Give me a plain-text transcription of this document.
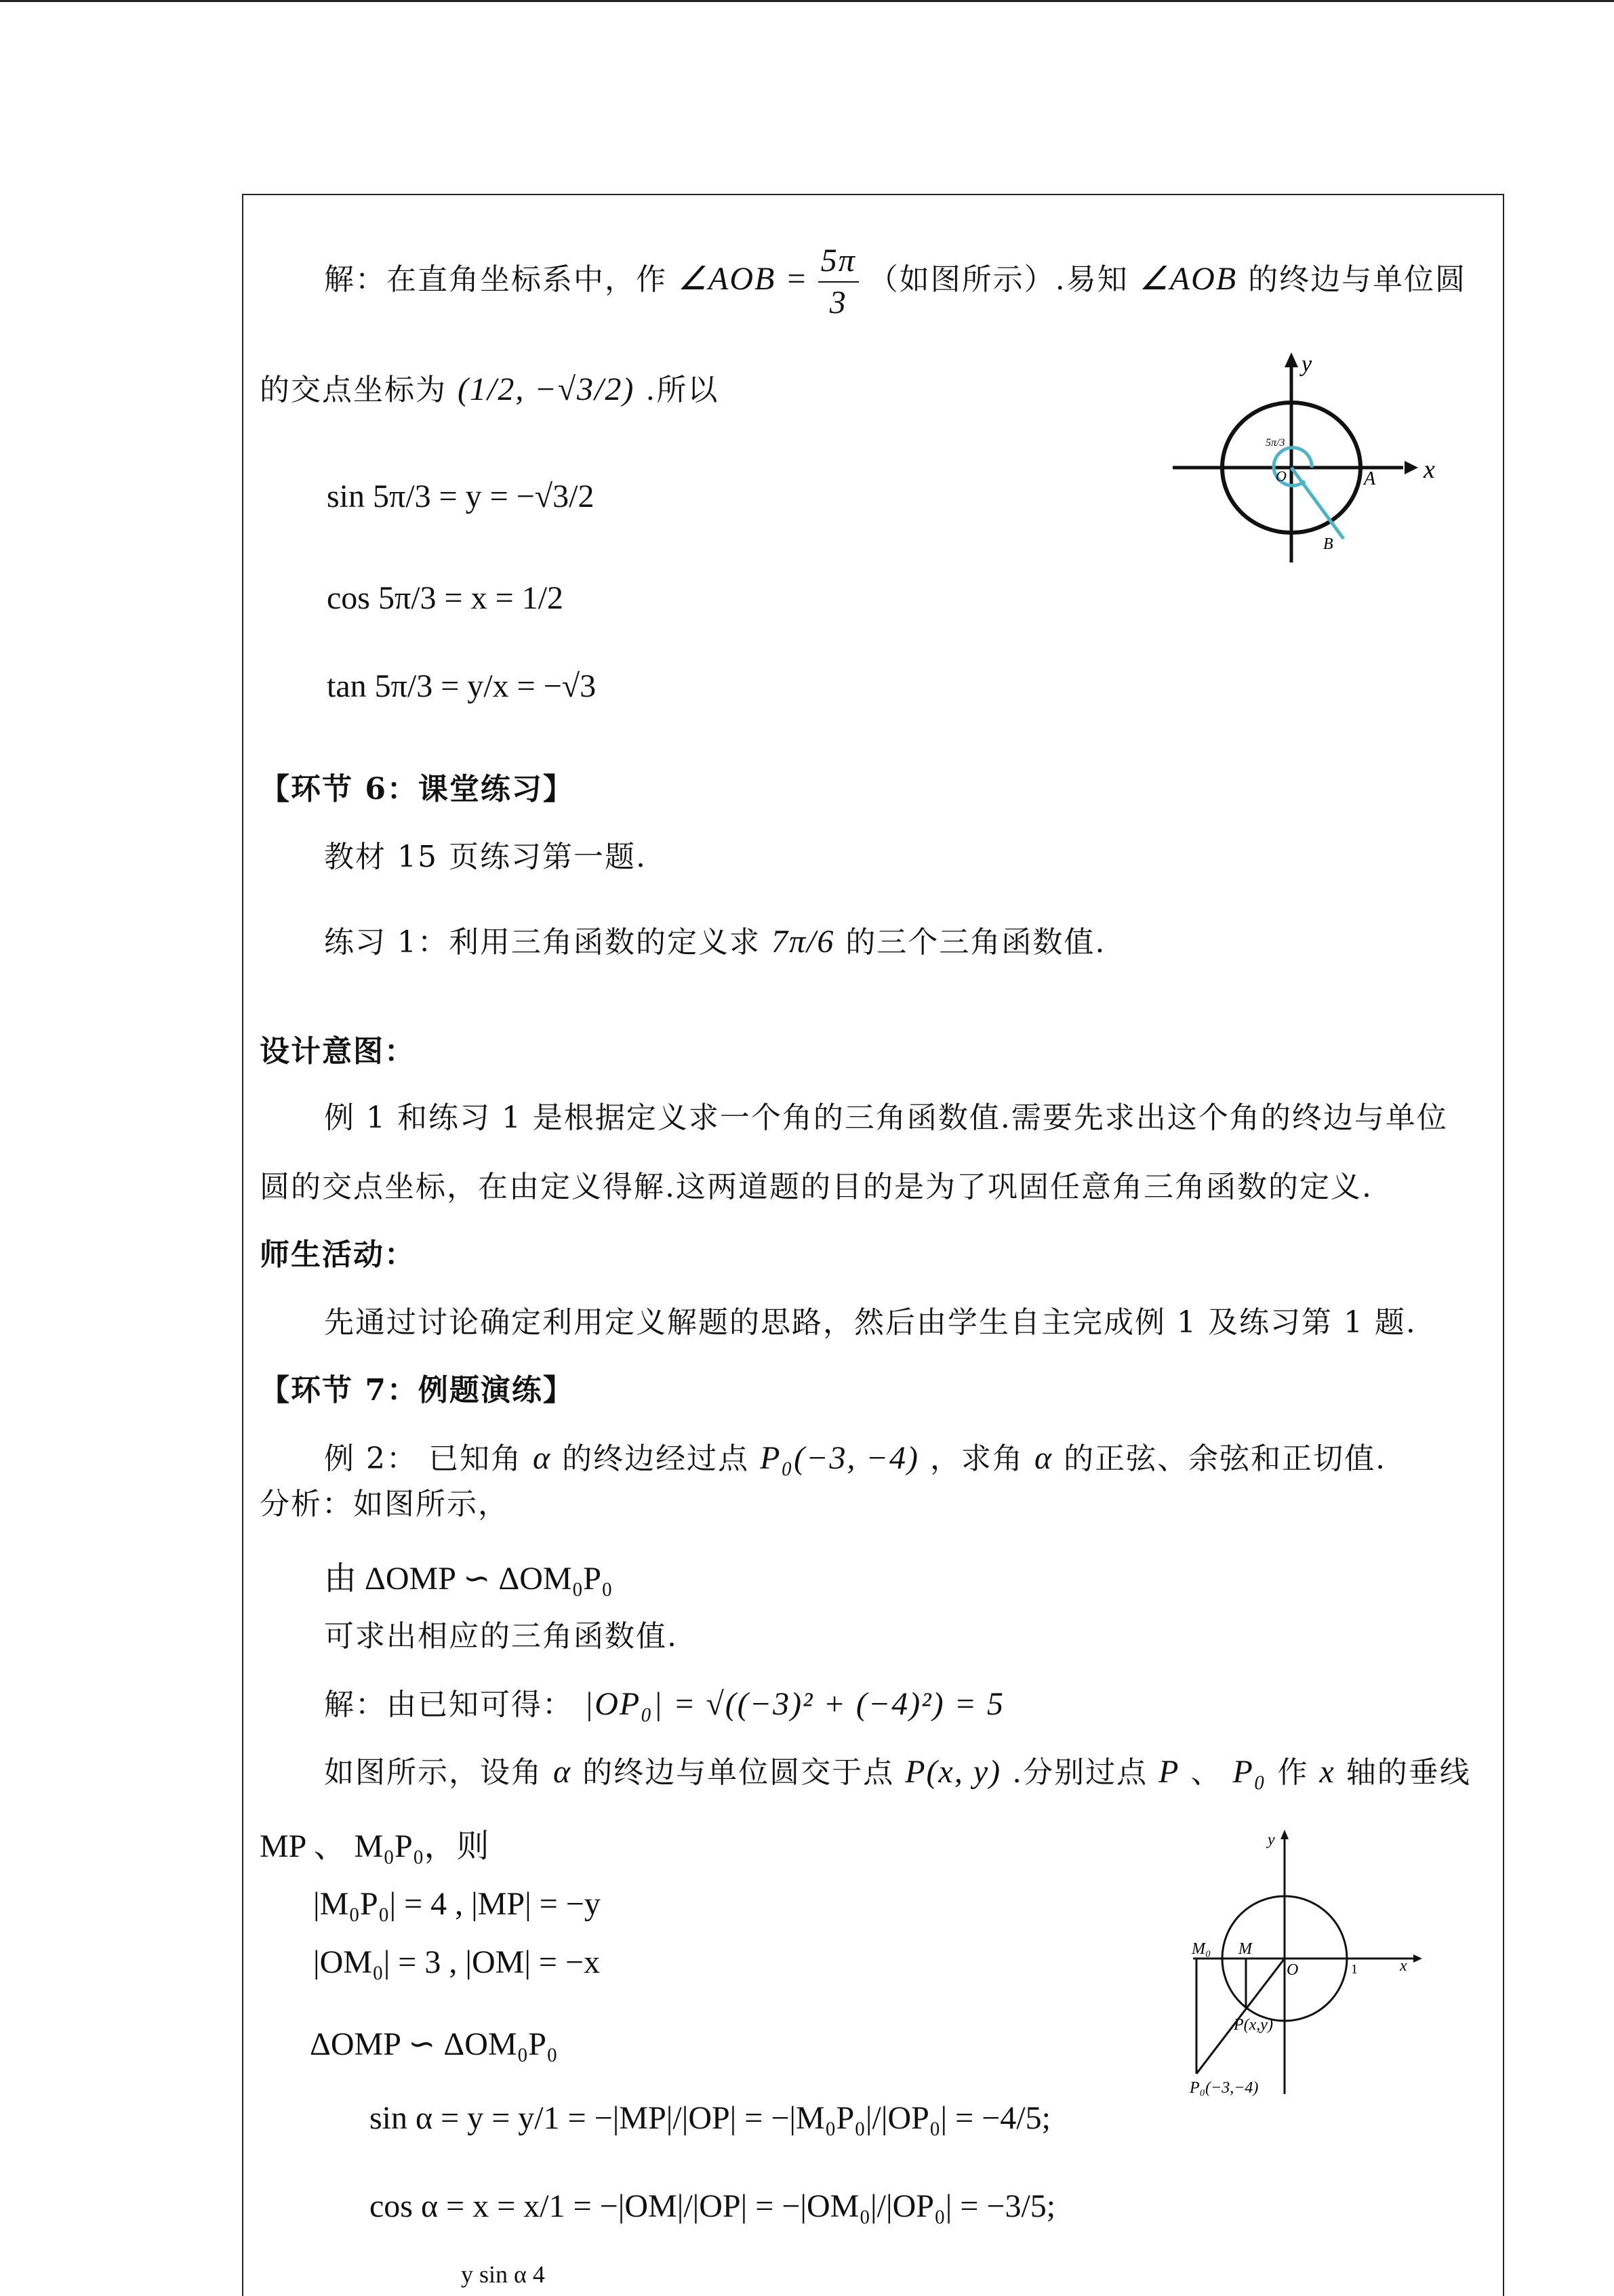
解：在直角坐标系中，作 ∠AOB = $\frac{5\pi}{3}$ （如图所示）.易知 ∠AOB 的终边与单位圆
的交点坐标为 (1/2, −√3/2) .所以
sin 5π/3 = y = −√3/2
cos 5π/3 = x = 1/2
tan 5π/3 = y/x = −√3
y
x
O	A
B
5π/3
【环节 6：课堂练习】
教材 15 页练习第一题.
练习 1：利用三角函数的定义求 7π/6 的三个三角函数值.
设计意图：
例 1 和练习 1 是根据定义求一个角的三角函数值.需要先求出这个角的终边与单位
圆的交点坐标，在由定义得解.这两道题的目的是为了巩固任意角三角函数的定义.
师生活动：
先通过讨论确定利用定义解题的思路，然后由学生自主完成例 1 及练习第 1 题.
【环节 7：例题演练】
例 2： 已知角 α 的终边经过点 P₀(−3, −4) ，求角 α 的正弦、余弦和正切值.
分析：如图所示，
由 ΔOMP ∽ ΔOM₀P₀
可求出相应的三角函数值.
解：由已知可得： |OP₀| = √((−3)² + (−4)²) = 5
如图所示，设角 α 的终边与单位圆交于点 P(x, y) .分别过点 P 、 P₀ 作 x 轴的垂线
MP 、 M₀P₀，则
|M₀P₀| = 4 , |MP| = −y
|OM₀| = 3 , |OM| = −x
ΔOMP ∽ ΔOM₀P₀
sin α = y = y/1 = −|MP|/|OP| = −|M₀P₀|/|OP₀| = −4/5;
cos α = x = x/1 = −|OM|/|OP| = −|OM₀|/|OP₀| = −3/5;
y sin α 4
y
x
M₀ M
O	1
P(x,y)
P₀(−3,−4)
